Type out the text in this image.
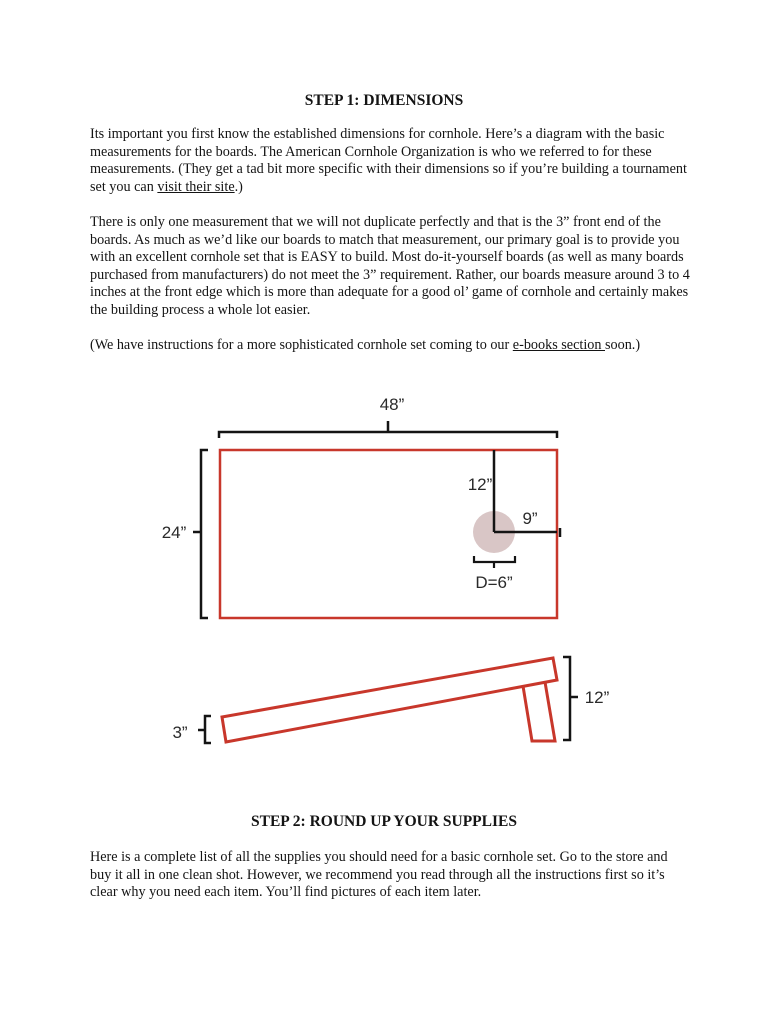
STEP 1: DIMENSIONS

Its important you first know the established dimensions for cornhole. Here’s a diagram with the basic measurements for the boards. The American Cornhole Organization is who we referred to for these measurements. (They get a tad bit more specific with their dimensions so if you’re building a tournament set you can visit their site.)

There is only one measurement that we will not duplicate perfectly and that is the 3” front end of the boards. As much as we’d like our boards to match that measurement, our primary goal is to provide you with an excellent cornhole set that is EASY to build. Most do-it-yourself boards (as well as many boards purchased from manufacturers) do not meet the 3” requirement. Rather, our boards measure around 3 to 4 inches at the front edge which is more than adequate for a good ol’ game of cornhole and certainly makes the building process a whole lot easier.

(We have instructions for a more sophisticated cornhole set coming to our e-books section soon.)

48”
24”
12”
9”
D=6”
12”
3”
STEP 2: ROUND UP YOUR SUPPLIES

Here is a complete list of all the supplies you should need for a basic cornhole set. Go to the store and buy it all in one clean shot. However, we recommend you read through all the instructions first so it’s clear why you need each item. You’ll find pictures of each item later.
